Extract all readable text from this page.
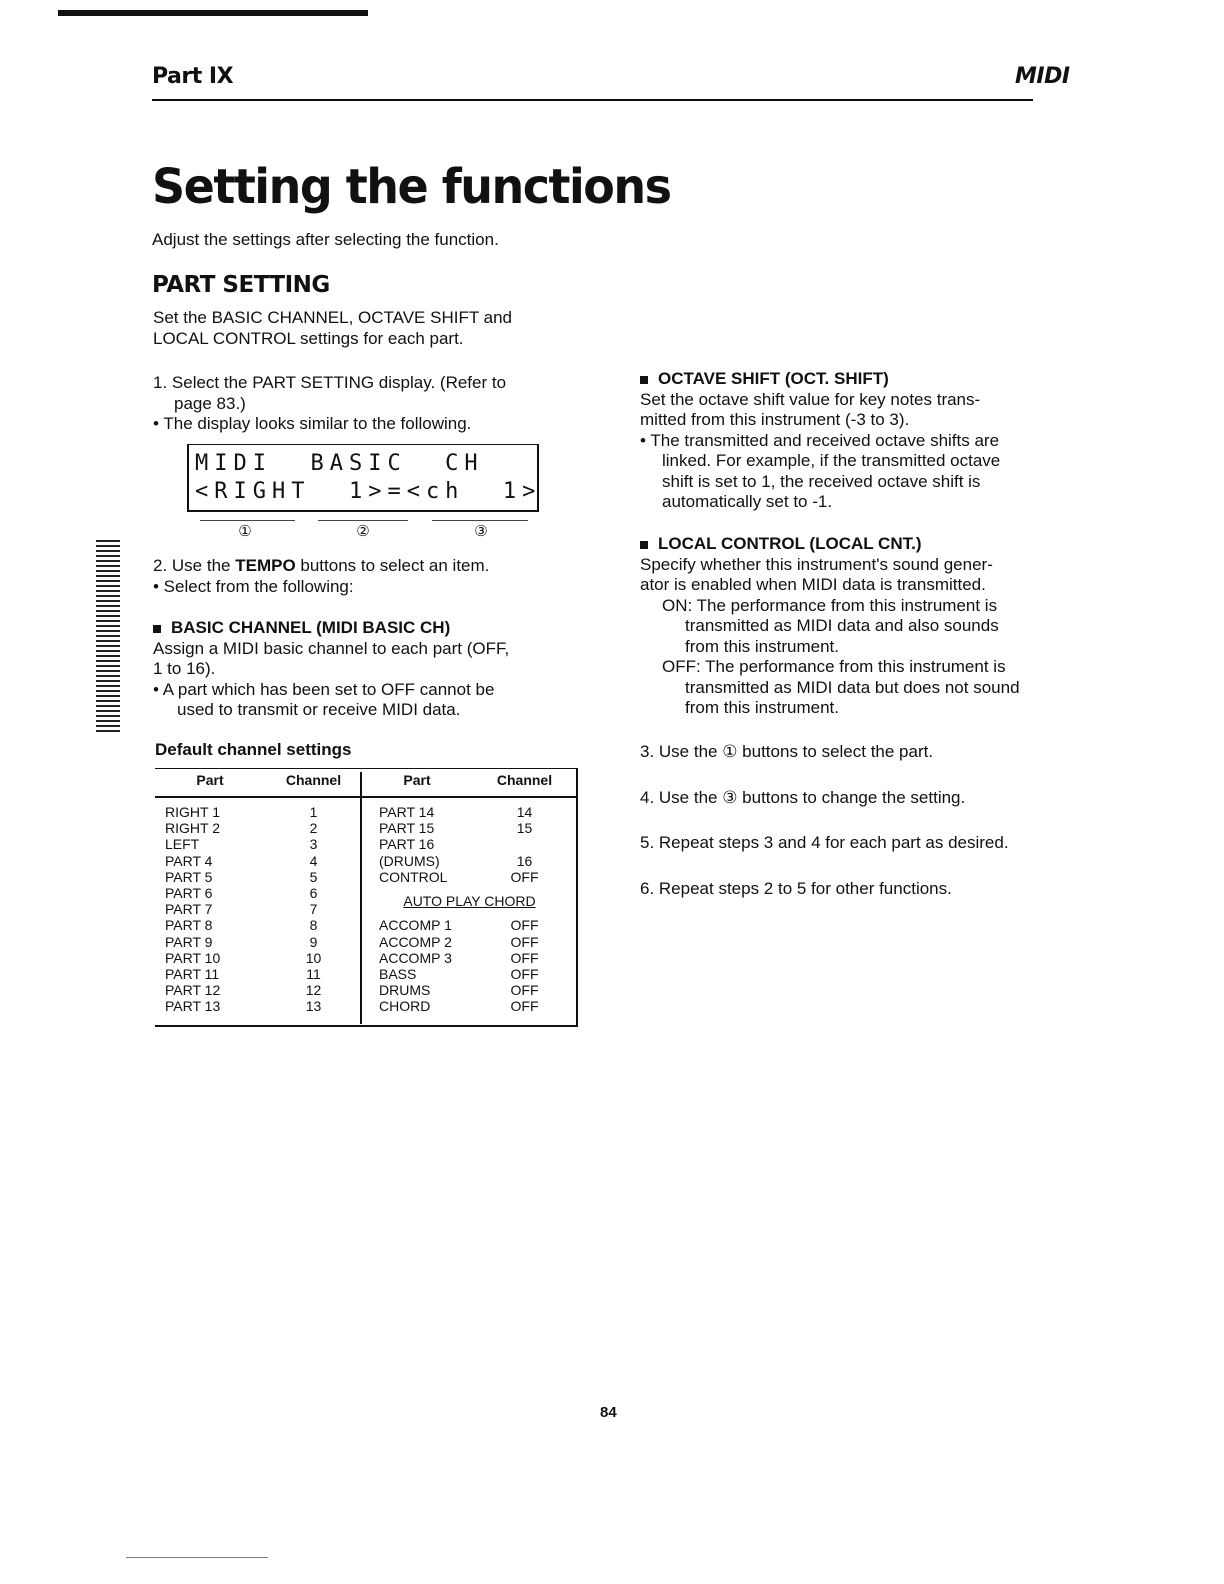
Part IX	MIDI
Setting the functions
Adjust the settings after selecting the function.
PART SETTING

Set the BASIC CHANNEL, OCTAVE SHIFT and

LOCAL CONTROL settings for each part.

1. Select the PART SETTING display. (Refer to

page 83.)

• The display looks similar to the following.

MIDI  BASIC  CH
<RIGHT  1>=<ch  1>
①	②	③

2. Use the TEMPO buttons to select an item.

• Select from the following:

BASIC CHANNEL (MIDI BASIC CH)

Assign a MIDI basic channel to each part (OFF,

1 to 16).

• A part which has been set to OFF cannot be

used to transmit or receive MIDI data.

Default channel settings
Part	Channel	Part	Channel

RIGHT 1	1	PART 14	14
RIGHT 2	2	PART 15	15
LEFT	3	PART 16	
PART 4	4	(DRUMS)	16
PART 5	5	CONTROL	OFF
PART 6	6	AUTO PLAY CHORD	
PART 7	7		
PART 8	8	ACCOMP 1	OFF
PART 9	9	ACCOMP 2	OFF
PART 10	10	ACCOMP 3	OFF
PART 11	11	BASS	OFF
PART 12	12	DRUMS	OFF
PART 13	13	CHORD	OFF

OCTAVE SHIFT (OCT. SHIFT)

Set the octave shift value for key notes trans-

mitted from this instrument (-3 to 3).

• The transmitted and received octave shifts are

linked. For example, if the transmitted octave

shift is set to 1, the received octave shift is

automatically set to -1.

LOCAL CONTROL (LOCAL CNT.)

Specify whether this instrument's sound gener-

ator is enabled when MIDI data is transmitted.

ON: The performance from this instrument is

transmitted as MIDI data and also sounds

from this instrument.

OFF: The performance from this instrument is

transmitted as MIDI data but does not sound

from this instrument.

3. Use the ① buttons to select the part.
4. Use the ③ buttons to change the setting.
5. Repeat steps 3 and 4 for each part as desired.
6. Repeat steps 2 to 5 for other functions.
84
